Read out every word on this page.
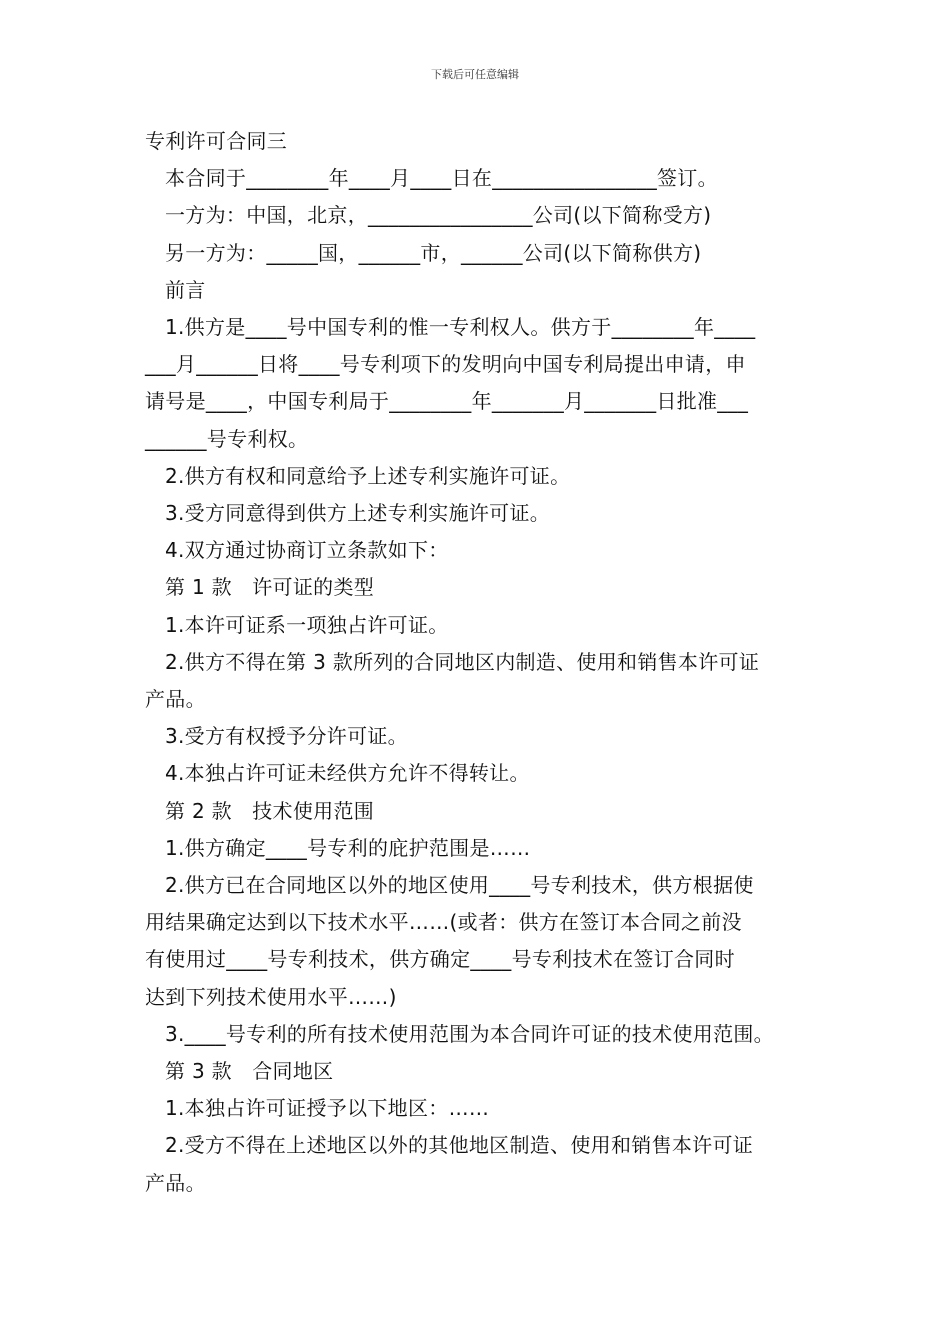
下载后可任意编辑
专利许可合同三
本合同于________年____月____日在________________签订。
一方为：中国，北京，________________公司(以下简称受方)
另一方为：_____国，______市，______公司(以下简称供方)
前言
1.供方是____号中国专利的惟一专利权人。供方于________年____
___月______日将____号专利项下的发明向中国专利局提出申请，申
请号是____，中国专利局于________年_______月_______日批准___
______号专利权。
2.供方有权和同意给予上述专利实施许可证。
3.受方同意得到供方上述专利实施许可证。
4.双方通过协商订立条款如下：
第 1 款　许可证的类型
1.本许可证系一项独占许可证。
2.供方不得在第 3 款所列的合同地区内制造、使用和销售本许可证
产品。
3.受方有权授予分许可证。
4.本独占许可证未经供方允许不得转让。
第 2 款　技术使用范围
1.供方确定____号专利的庇护范围是……
2.供方已在合同地区以外的地区使用____号专利技术，供方根据使
用结果确定达到以下技术水平……(或者：供方在签订本合同之前没
有使用过____号专利技术，供方确定____号专利技术在签订合同时
达到下列技术使用水平……)
3.____号专利的所有技术使用范围为本合同许可证的技术使用范围。
第 3 款　合同地区
1.本独占许可证授予以下地区：……
2.受方不得在上述地区以外的其他地区制造、使用和销售本许可证
产品。
